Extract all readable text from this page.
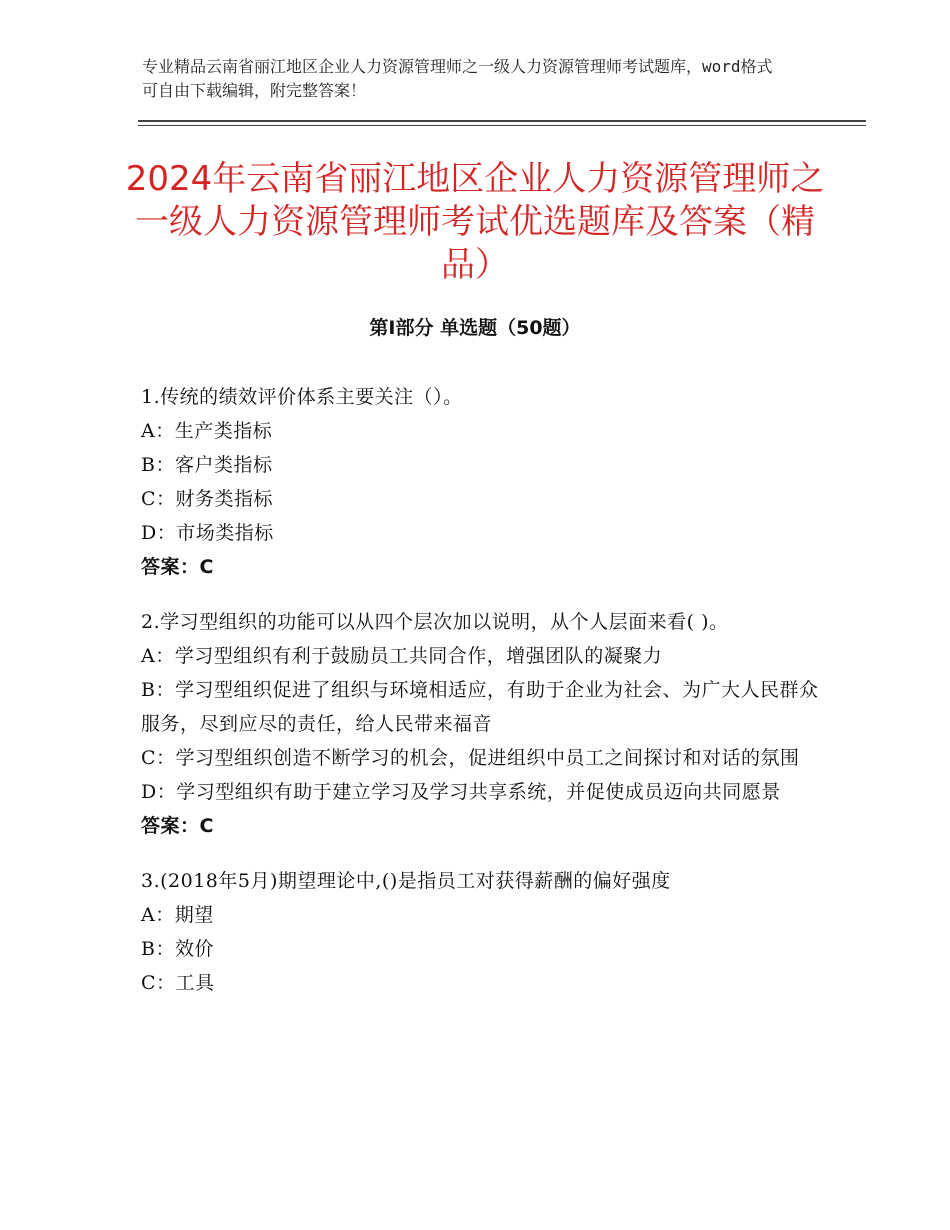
专业精品云南省丽江地区企业人力资源管理师之一级人力资源管理师考试题库，word格式可自由下载编辑，附完整答案！
2024年云南省丽江地区企业人力资源管理师之一级人力资源管理师考试优选题库及答案（精品）
第Ⅰ部分 单选题（50题）

1.传统的绩效评价体系主要关注（）。

A：生产类指标

B：客户类指标

C：财务类指标

D：市场类指标

答案：C

2.学习型组织的功能可以从四个层次加以说明，从个人层面来看( )。

A：学习型组织有利于鼓励员工共同合作，增强团队的凝聚力

B：学习型组织促进了组织与环境相适应，有助于企业为社会、为广大人民群众服务，尽到应尽的责任，给人民带来福音

C：学习型组织创造不断学习的机会，促进组织中员工之间探讨和对话的氛围

D：学习型组织有助于建立学习及学习共享系统，并促使成员迈向共同愿景

答案：C

3.(2018年5月)期望理论中,()是指员工对获得薪酬的偏好强度

A：期望

B：效价

C：工具
